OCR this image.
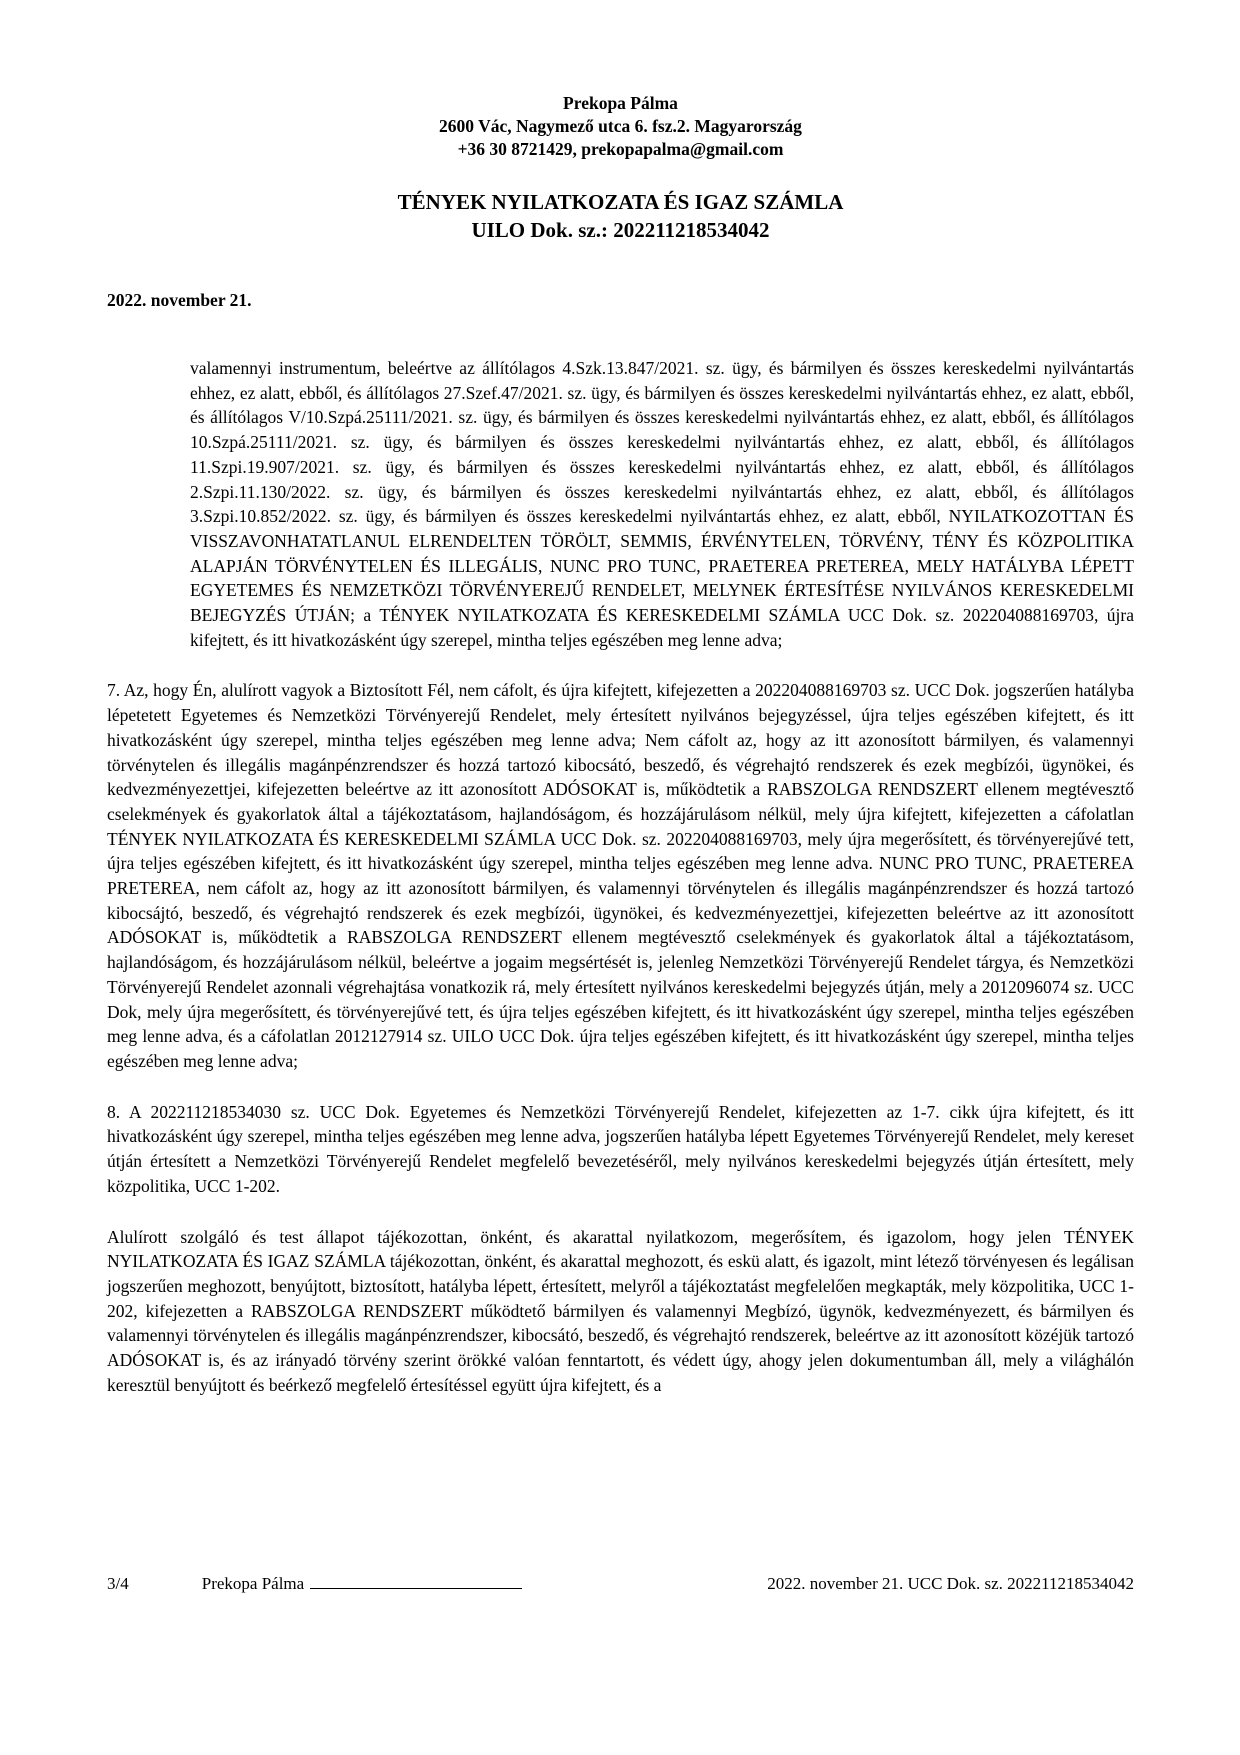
Prekopa Pálma
2600 Vác, Nagymező utca 6. fsz.2. Magyarország
+36 30 8721429, prekopapalma@gmail.com
TÉNYEK NYILATKOZATA ÉS IGAZ SZÁMLA
UILO Dok. sz.: 202211218534042
2022. november 21.

valamennyi instrumentum, beleértve az állítólagos 4.Szk.13.847/2021. sz. ügy, és bármilyen és összes kereskedelmi nyilvántartás ehhez, ez alatt, ebből, és állítólagos 27.Szef.47/2021. sz. ügy, és bármilyen és összes kereskedelmi nyilvántartás ehhez, ez alatt, ebből, és állítólagos V/10.Szpá.25111/2021. sz. ügy, és bármilyen és összes kereskedelmi nyilvántartás ehhez, ez alatt, ebből, és állítólagos 10.Szpá.25111/2021. sz. ügy, és bármilyen és összes kereskedelmi nyilvántartás ehhez, ez alatt, ebből, és állítólagos 11.Szpi.19.907/2021. sz. ügy, és bármilyen és összes kereskedelmi nyilvántartás ehhez, ez alatt, ebből, és állítólagos 2.Szpi.11.130/2022. sz. ügy, és bármilyen és összes kereskedelmi nyilvántartás ehhez, ez alatt, ebből, és állítólagos 3.Szpi.10.852/2022. sz. ügy, és bármilyen és összes kereskedelmi nyilvántartás ehhez, ez alatt, ebből, NYILATKOZOTTAN ÉS VISSZAVONHATATLANUL ELRENDELTEN TÖRÖLT, SEMMIS, ÉRVÉNYTELEN, TÖRVÉNY, TÉNY ÉS KÖZPOLITIKA ALAPJÁN TÖRVÉNYTELEN ÉS ILLEGÁLIS, NUNC PRO TUNC, PRAETEREA PRETEREA, MELY HATÁLYBA LÉPETT EGYETEMES ÉS NEMZETKÖZI TÖRVÉNYEREJŰ RENDELET, MELYNEK ÉRTESÍTÉSE NYILVÁNOS KERESKEDELMI BEJEGYZÉS ÚTJÁN; a TÉNYEK NYILATKOZATA ÉS KERESKEDELMI SZÁMLA UCC Dok. sz. 202204088169703, újra kifejtett, és itt hivatkozásként úgy szerepel, mintha teljes egészében meg lenne adva;

7. Az, hogy Én, alulírott vagyok a Biztosított Fél, nem cáfolt, és újra kifejtett, kifejezetten a 202204088169703 sz. UCC Dok. jogszerűen hatályba lépetetett Egyetemes és Nemzetközi Törvényerejű Rendelet, mely értesített nyilvános bejegyzéssel, újra teljes egészében kifejtett, és itt hivatkozásként úgy szerepel, mintha teljes egészében meg lenne adva; Nem cáfolt az, hogy az itt azonosított bármilyen, és valamennyi törvénytelen és illegális magánpénzrendszer és hozzá tartozó kibocsátó, beszedő, és végrehajtó rendszerek és ezek megbízói, ügynökei, és kedvezményezettjei, kifejezetten beleértve az itt azonosított ADÓSOKAT is, működtetik a RABSZOLGA RENDSZERT ellenem megtévesztő cselekmények és gyakorlatok által a tájékoztatásom, hajlandóságom, és hozzájárulásom nélkül, mely újra kifejtett, kifejezetten a cáfolatlan TÉNYEK NYILATKOZATA ÉS KERESKEDELMI SZÁMLA UCC Dok. sz. 202204088169703, mely újra megerősített, és törvényerejűvé tett, újra teljes egészében kifejtett, és itt hivatkozásként úgy szerepel, mintha teljes egészében meg lenne adva. NUNC PRO TUNC, PRAETEREA PRETEREA, nem cáfolt az, hogy az itt azonosított bármilyen, és valamennyi törvénytelen és illegális magánpénzrendszer és hozzá tartozó kibocsájtó, beszedő, és végrehajtó rendszerek és ezek megbízói, ügynökei, és kedvezményezettjei, kifejezetten beleértve az itt azonosított ADÓSOKAT is, működtetik a RABSZOLGA RENDSZERT ellenem megtévesztő cselekmények és gyakorlatok által a tájékoztatásom, hajlandóságom, és hozzájárulásom nélkül, beleértve a jogaim megsértését is, jelenleg Nemzetközi Törvényerejű Rendelet tárgya, és Nemzetközi Törvényerejű Rendelet azonnali végrehajtása vonatkozik rá, mely értesített nyilvános kereskedelmi bejegyzés útján, mely a 2012096074 sz. UCC Dok, mely újra megerősített, és törvényerejűvé tett, és újra teljes egészében kifejtett, és itt hivatkozásként úgy szerepel, mintha teljes egészében meg lenne adva, és a cáfolatlan 2012127914 sz. UILO UCC Dok. újra teljes egészében kifejtett, és itt hivatkozásként úgy szerepel, mintha teljes egészében meg lenne adva;

8. A 202211218534030 sz. UCC Dok. Egyetemes és Nemzetközi Törvényerejű Rendelet, kifejezetten az 1-7. cikk újra kifejtett, és itt hivatkozásként úgy szerepel, mintha teljes egészében meg lenne adva, jogszerűen hatályba lépett Egyetemes Törvényerejű Rendelet, mely kereset útján értesített a Nemzetközi Törvényerejű Rendelet megfelelő bevezetéséről, mely nyilvános kereskedelmi bejegyzés útján értesített, mely közpolitika, UCC 1-202.

Alulírott szolgáló és test állapot tájékozottan, önként, és akarattal nyilatkozom, megerősítem, és igazolom, hogy jelen TÉNYEK NYILATKOZATA ÉS IGAZ SZÁMLA tájékozottan, önként, és akarattal meghozott, és eskü alatt, és igazolt, mint létező törvényesen és legálisan jogszerűen meghozott, benyújtott, biztosított, hatályba lépett, értesített, melyről a tájékoztatást megfelelően megkapták, mely közpolitika, UCC 1-202, kifejezetten a RABSZOLGA RENDSZERT működtető bármilyen és valamennyi Megbízó, ügynök, kedvezményezett, és bármilyen és valamennyi törvénytelen és illegális magánpénzrendszer, kibocsátó, beszedő, és végrehajtó rendszerek, beleértve az itt azonosított közéjük tartozó ADÓSOKAT is, és az irányadó törvény szerint örökké valóan fenntartott, és védett úgy, ahogy jelen dokumentumban áll, mely a világhálón keresztül benyújtott és beérkező megfelelő értesítéssel együtt újra kifejtett, és a

3/4	Prekopa Pálma	2022. november 21. UCC Dok. sz. 202211218534042
